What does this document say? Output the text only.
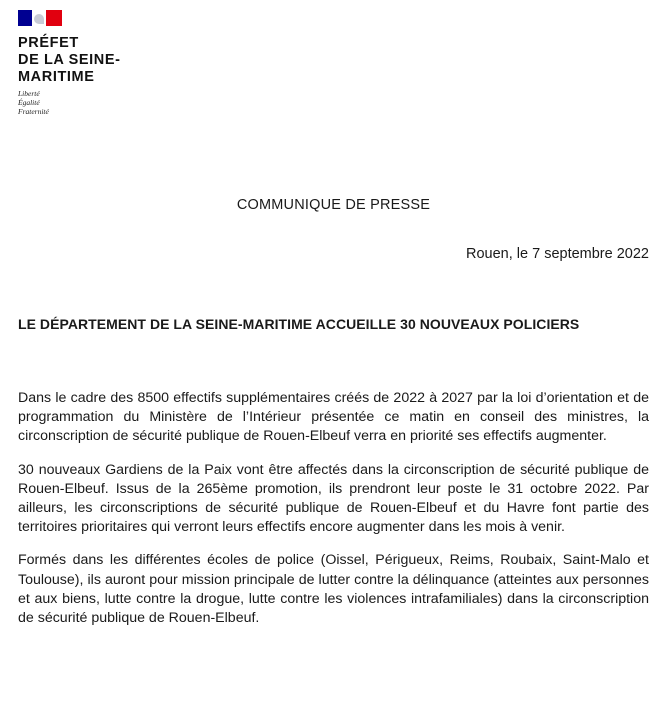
PRÉFET
DE LA SEINE-
MARITIME
Liberté
Égalité
Fraternité
COMMUNIQUE DE PRESSE
Rouen, le 7 septembre 2022
LE DÉPARTEMENT DE LA SEINE-MARITIME ACCUEILLE 30 NOUVEAUX POLICIERS

Dans le cadre des 8500 effectifs supplémentaires créés de 2022 à 2027 par la loi d’orientation et de programmation du Ministère de l’Intérieur présentée ce matin en conseil des ministres, la circonscription de sécurité publique de Rouen-Elbeuf verra en priorité ses effectifs augmenter.

30 nouveaux Gardiens de la Paix vont être affectés dans la circonscription de sécurité publique de Rouen-Elbeuf. Issus de la 265ème promotion, ils prendront leur poste le 31 octobre 2022. Par ailleurs, les circonscriptions de sécurité publique de Rouen-Elbeuf et du Havre font partie des territoires prioritaires qui verront leurs effectifs encore augmenter dans les mois à venir.

Formés dans les différentes écoles de police (Oissel, Périgueux, Reims, Roubaix, Saint-Malo et Toulouse), ils auront pour mission principale de lutter contre la délinquance (atteintes aux personnes et aux biens, lutte contre la drogue, lutte contre les violences intrafamiliales) dans la circonscription de sécurité publique de Rouen-Elbeuf.
